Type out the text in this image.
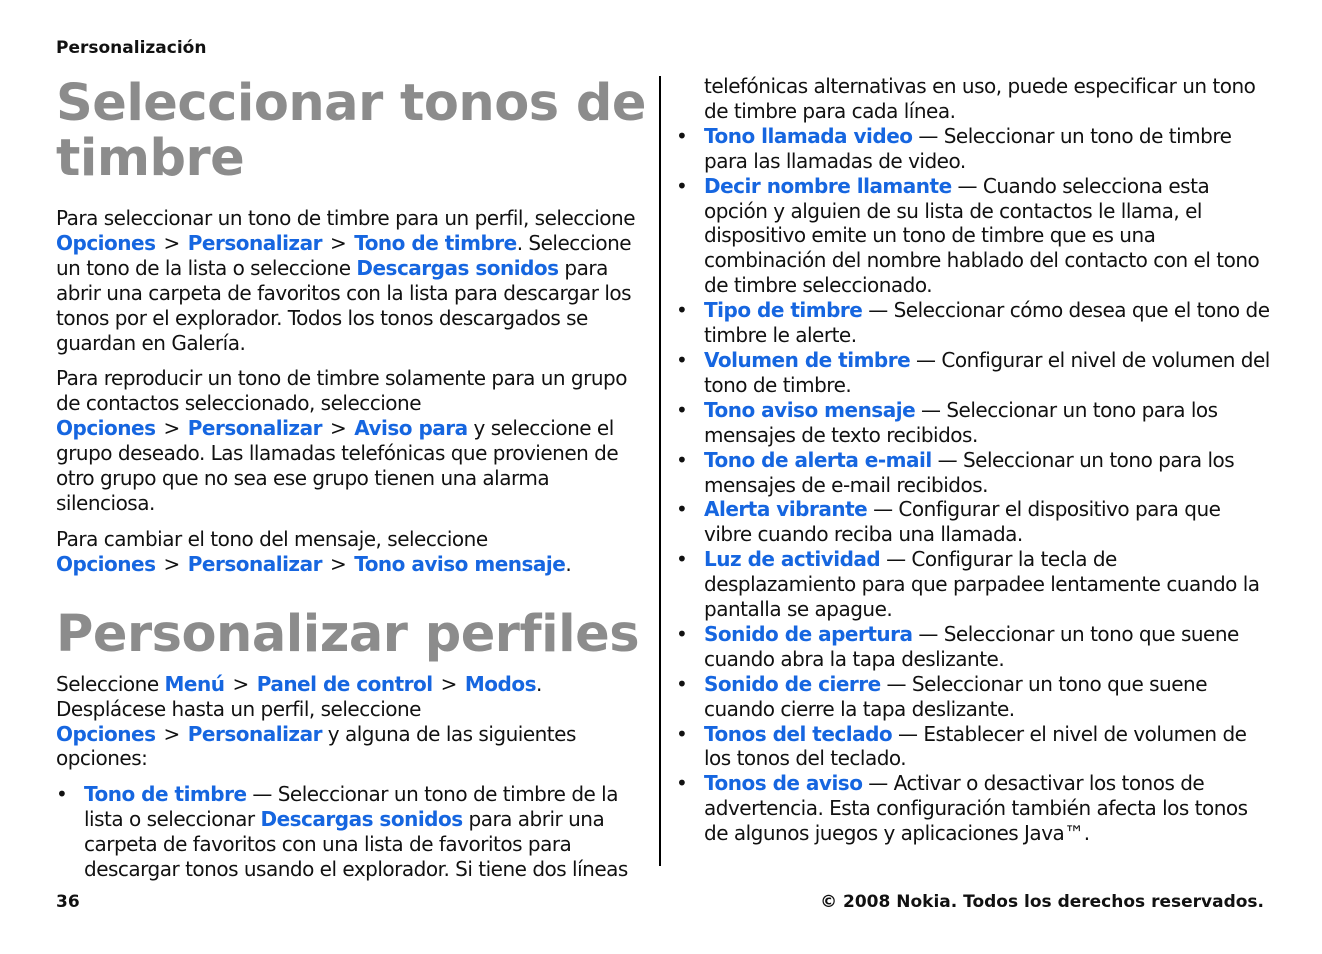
Personalización
Seleccionar tonos de timbre

Para seleccionar un tono de timbre para un perfil, seleccione Opciones > Personalizar > Tono de timbre. Seleccione un tono de la lista o seleccione Descargas sonidos para abrir una carpeta de favoritos con la lista para descargar los tonos por el explorador. Todos los tonos descargados se guardan en Galería.

Para reproducir un tono de timbre solamente para un grupo de contactos seleccionado, seleccione Opciones > Personalizar > Aviso para y seleccione el grupo deseado. Las llamadas telefónicas que provienen de otro grupo que no sea ese grupo tienen una alarma silenciosa.

Para cambiar el tono del mensaje, seleccione Opciones > Personalizar > Tono aviso mensaje.

Personalizar perfiles

Seleccione Menú > Panel de control > Modos. Desplácese hasta un perfil, seleccione Opciones > Personalizar y alguna de las siguientes opciones:

• Tono de timbre — Seleccionar un tono de timbre de la lista o seleccionar Descargas sonidos para abrir una carpeta de favoritos con una lista de favoritos para descargar tonos usando el explorador. Si tiene dos líneas
telefónicas alternativas en uso, puede especificar un tono de timbre para cada línea.
• Tono llamada video — Seleccionar un tono de timbre para las llamadas de video.
• Decir nombre llamante — Cuando selecciona esta opción y alguien de su lista de contactos le llama, el dispositivo emite un tono de timbre que es una combinación del nombre hablado del contacto con el tono de timbre seleccionado.
• Tipo de timbre — Seleccionar cómo desea que el tono de timbre le alerte.
• Volumen de timbre — Configurar el nivel de volumen del tono de timbre.
• Tono aviso mensaje — Seleccionar un tono para los mensajes de texto recibidos.
• Tono de alerta e-mail — Seleccionar un tono para los mensajes de e-mail recibidos.
• Alerta vibrante — Configurar el dispositivo para que vibre cuando reciba una llamada.
• Luz de actividad — Configurar la tecla de desplazamiento para que parpadee lentamente cuando la pantalla se apague.
• Sonido de apertura — Seleccionar un tono que suene cuando abra la tapa deslizante.
• Sonido de cierre — Seleccionar un tono que suene cuando cierre la tapa deslizante.
• Tonos del teclado — Establecer el nivel de volumen de los tonos del teclado.
• Tonos de aviso — Activar o desactivar los tonos de advertencia. Esta configuración también afecta los tonos de algunos juegos y aplicaciones Java™.
36	© 2008 Nokia. Todos los derechos reservados.
